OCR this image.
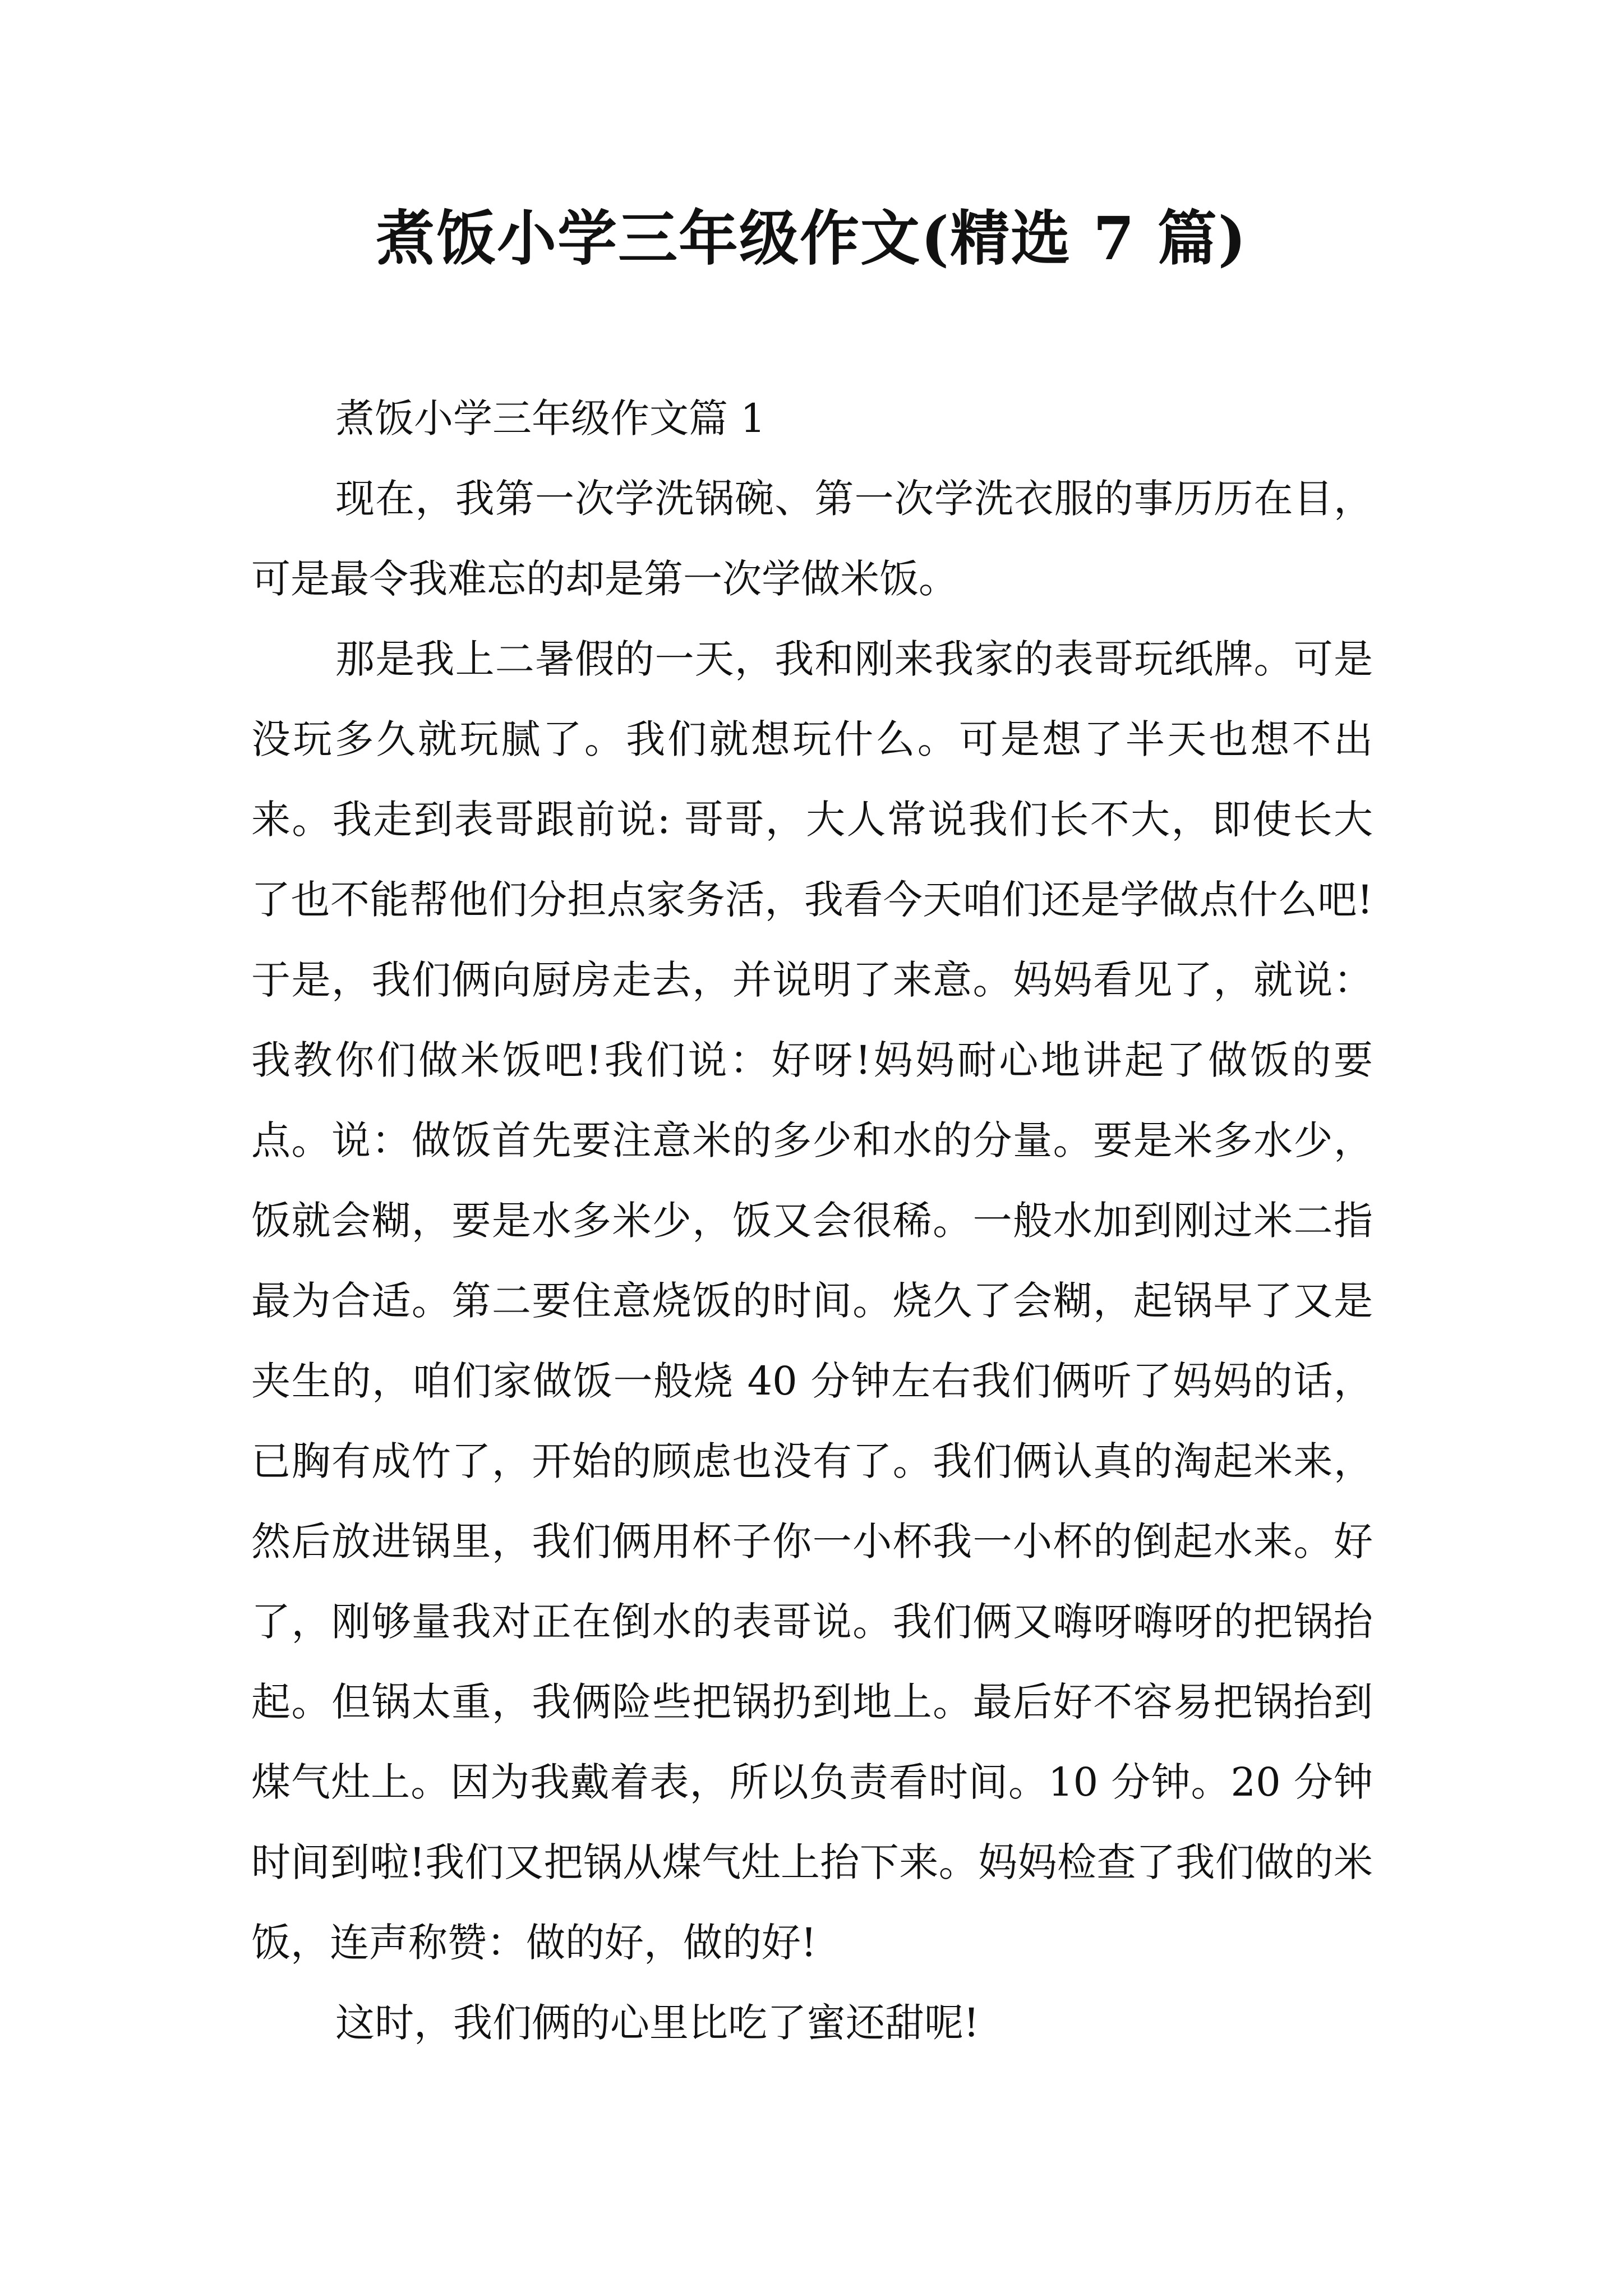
煮饭小学三年级作文(精选 7 篇)

煮饭小学三年级作文篇 1

现在，我第一次学洗锅碗、第一次学洗衣服的事历历在目，可是最令我难忘的却是第一次学做米饭。

那是我上二暑假的一天，我和刚来我家的表哥玩纸牌。可是没玩多久就玩腻了。我们就想玩什么。可是想了半天也想不出来。我走到表哥跟前说: 哥哥，大人常说我们长不大，即使长大了也不能帮他们分担点家务活，我看今天咱们还是学做点什么吧!于是，我们俩向厨房走去，并说明了来意。妈妈看见了，就说：我教你们做米饭吧!我们说：好呀!妈妈耐心地讲起了做饭的要点。说：做饭首先要注意米的多少和水的分量。要是米多水少，饭就会糊，要是水多米少，饭又会很稀。一般水加到刚过米二指最为合适。第二要住意烧饭的时间。烧久了会糊，起锅早了又是夹生的，咱们家做饭一般烧 40 分钟左右我们俩听了妈妈的话，已胸有成竹了，开始的顾虑也没有了。我们俩认真的淘起米来，然后放进锅里，我们俩用杯子你一小杯我一小杯的倒起水来。好了，刚够量我对正在倒水的表哥说。我们俩又嗨呀嗨呀的把锅抬起。但锅太重，我俩险些把锅扔到地上。最后好不容易把锅抬到煤气灶上。因为我戴着表，所以负责看时间。10 分钟。20 分钟时间到啦!我们又把锅从煤气灶上抬下来。妈妈检查了我们做的米饭，连声称赞：做的好，做的好!

这时，我们俩的心里比吃了蜜还甜呢!
